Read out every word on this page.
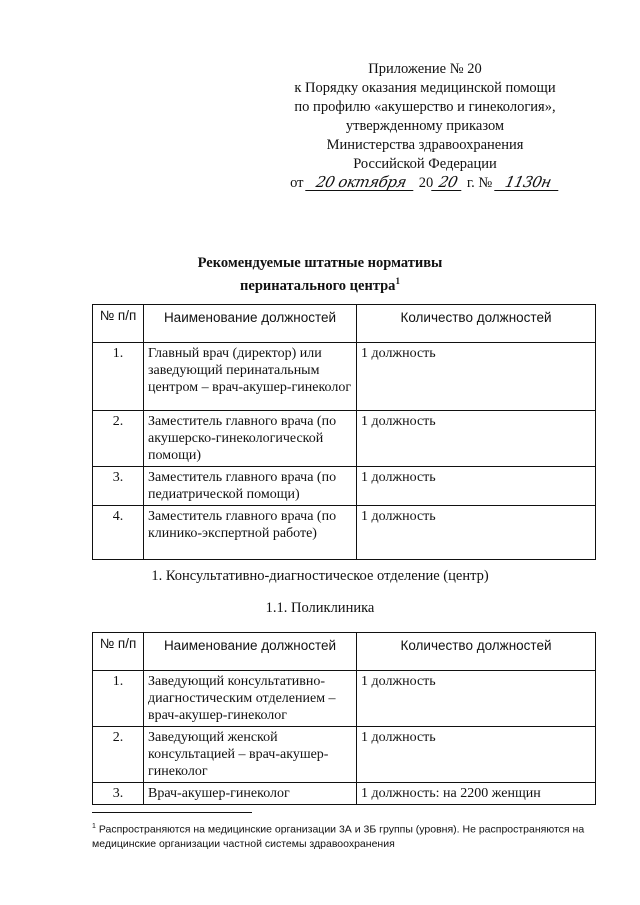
Приложение № 20
к Порядку оказания медицинской помощи
по профилю «акушерство и гинекология»,
утвержденному приказом
Министерства здравоохранения
Российской Федерации
от 20 октября 20 20 г. № 1130н
Рекомендуемые штатные нормативы
перинатального центра$^1$
№ п/п	Наименование должностей	Количество должностей
1.	Главный врач (директор) или заведующий перинатальным центром – врач-акушер-гинеколог	1 должность
2.	Заместитель главного врача (по акушерско-гинекологической помощи)	1 должность
3.	Заместитель главного врача (по педиатрической помощи)	1 должность
4.	Заместитель главного врача (по клинико-экспертной работе)	1 должность
1. Консультативно-диагностическое отделение (центр)
1.1. Поликлиника
№ п/п	Наименование должностей	Количество должностей
1.	Заведующий консультативно-диагностическим отделением – врач-акушер-гинеколог	1 должность
2.	Заведующий женской консультацией – врач-акушер-гинеколог	1 должность
3.	Врач-акушер-гинеколог	1 должность: на 2200 женщин
$^1$ Распространяются на медицинские организации 3А и 3Б группы (уровня). Не распространяются на медицинские организации частной системы здравоохранения
